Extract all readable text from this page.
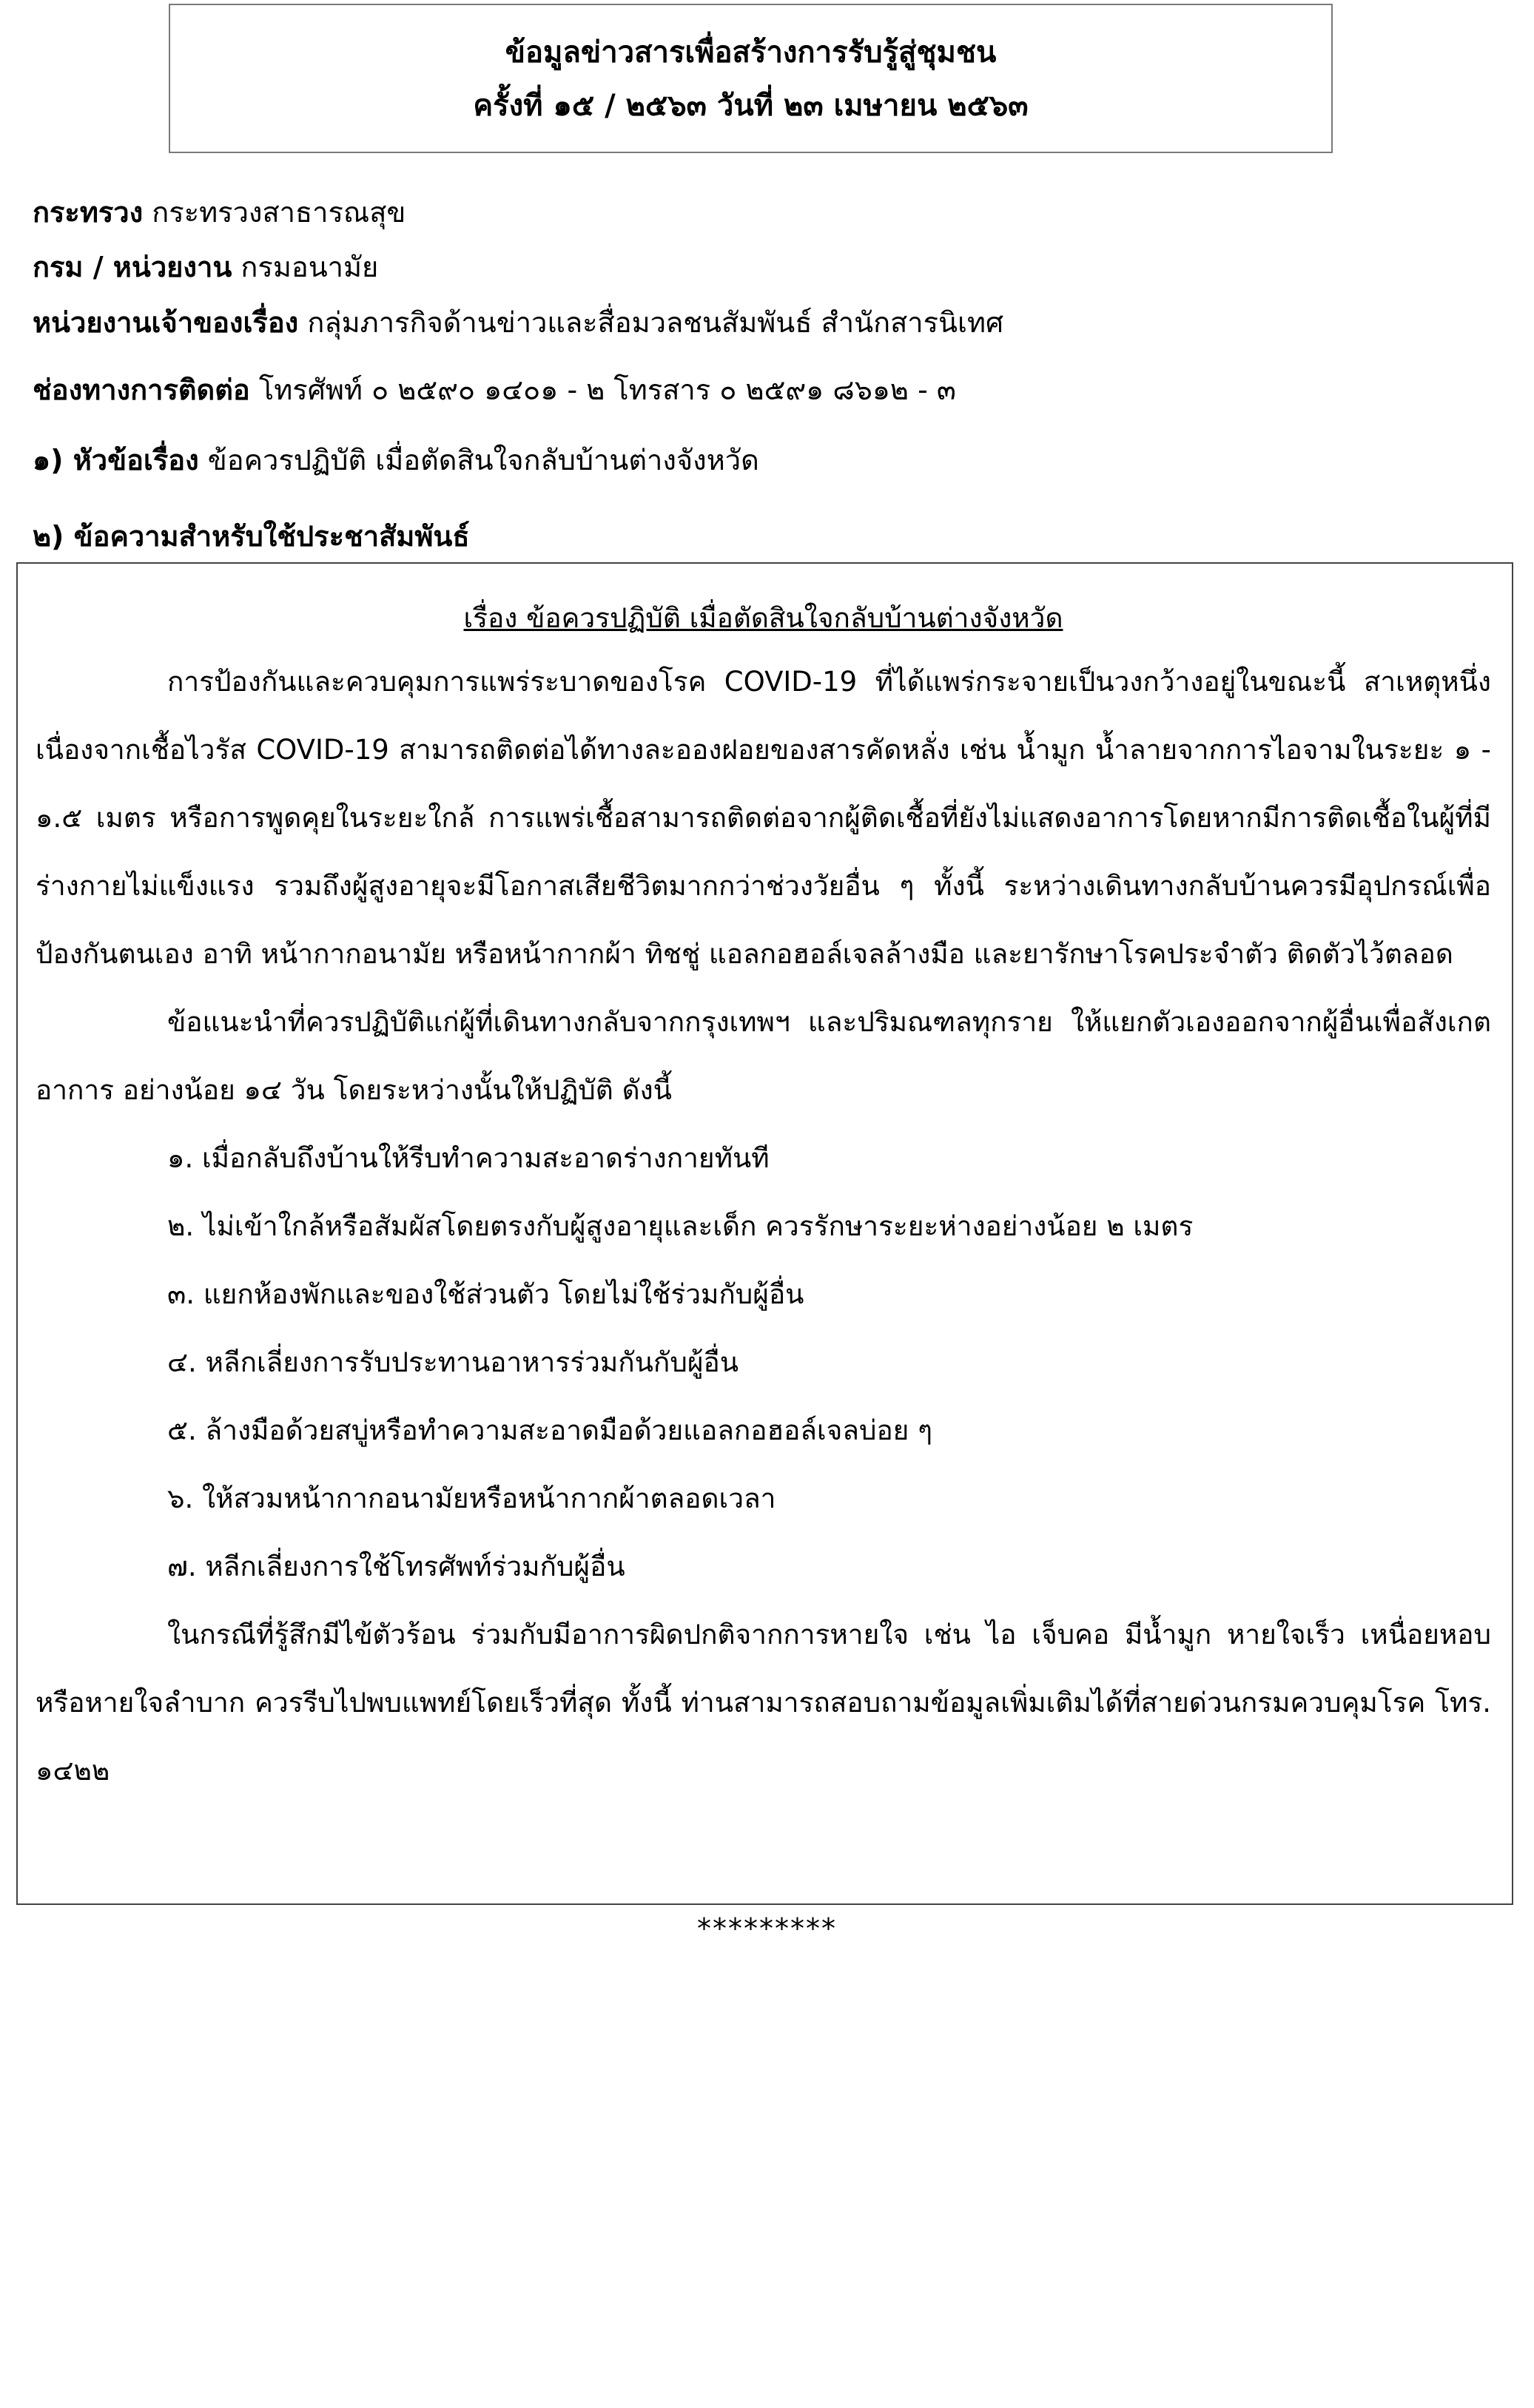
ข้อมูลข่าวสารเพื่อสร้างการรับรู้สู่ชุมชน
ครั้งที่ ๑๕ / ๒๕๖๓ วันที่ ๒๓ เมษายน ๒๕๖๓
กระทรวง กระทรวงสาธารณสุข
กรม / หน่วยงาน กรมอนามัย
หน่วยงานเจ้าของเรื่อง กลุ่มภารกิจด้านข่าวและสื่อมวลชนสัมพันธ์ สำนักสารนิเทศ
ช่องทางการติดต่อ โทรศัพท์ ๐ ๒๕๙๐ ๑๔๐๑ - ๒ โทรสาร ๐ ๒๕๙๑ ๘๖๑๒ - ๓
๑) หัวข้อเรื่อง ข้อควรปฏิบัติ เมื่อตัดสินใจกลับบ้านต่างจังหวัด
๒) ข้อความสำหรับใช้ประชาสัมพันธ์
เรื่อง ข้อควรปฏิบัติ เมื่อตัดสินใจกลับบ้านต่างจังหวัด
การป้องกันและควบคุมการแพร่ระบาดของโรค COVID-19 ที่ได้แพร่กระจายเป็นวงกว้างอยู่ในขณะนี้ สาเหตุหนึ่งเนื่องจากเชื้อไวรัส COVID-19 สามารถติดต่อได้ทางละอองฝอยของสารคัดหลั่ง เช่น น้ำมูก น้ำลายจากการไอจามในระยะ ๑ - ๑.๕ เมตร หรือการพูดคุยในระยะใกล้ การแพร่เชื้อสามารถติดต่อจากผู้ติดเชื้อที่ยังไม่แสดงอาการโดยหากมีการติดเชื้อในผู้ที่มีร่างกายไม่แข็งแรง รวมถึงผู้สูงอายุจะมีโอกาสเสียชีวิตมากกว่าช่วงวัยอื่น ๆ ทั้งนี้ ระหว่างเดินทางกลับบ้านควรมีอุปกรณ์เพื่อป้องกันตนเอง อาทิ หน้ากากอนามัย หรือหน้ากากผ้า ทิชชู่ แอลกอฮอล์เจลล้างมือ และยารักษาโรคประจำตัว ติดตัวไว้ตลอด
ข้อแนะนำที่ควรปฏิบัติแก่ผู้ที่เดินทางกลับจากกรุงเทพฯ และปริมณฑลทุกราย ให้แยกตัวเองออกจากผู้อื่นเพื่อสังเกตอาการ อย่างน้อย ๑๔ วัน โดยระหว่างนั้นให้ปฏิบัติ ดังนี้
๑. เมื่อกลับถึงบ้านให้รีบทำความสะอาดร่างกายทันที
๒. ไม่เข้าใกล้หรือสัมผัสโดยตรงกับผู้สูงอายุและเด็ก ควรรักษาระยะห่างอย่างน้อย ๒ เมตร
๓. แยกห้องพักและของใช้ส่วนตัว โดยไม่ใช้ร่วมกับผู้อื่น
๔. หลีกเลี่ยงการรับประทานอาหารร่วมกันกับผู้อื่น
๕. ล้างมือด้วยสบู่หรือทำความสะอาดมือด้วยแอลกอฮอล์เจลบ่อย ๆ
๖. ให้สวมหน้ากากอนามัยหรือหน้ากากผ้าตลอดเวลา
๗. หลีกเลี่ยงการใช้โทรศัพท์ร่วมกับผู้อื่น
ในกรณีที่รู้สึกมีไข้ตัวร้อน ร่วมกับมีอาการผิดปกติจากการหายใจ เช่น ไอ เจ็บคอ มีน้ำมูก หายใจเร็ว เหนื่อยหอบ หรือหายใจลำบาก ควรรีบไปพบแพทย์โดยเร็วที่สุด ทั้งนี้ ท่านสามารถสอบถามข้อมูลเพิ่มเติมได้ที่สายด่วนกรมควบคุมโรค โทร. ๑๔๒๒
*********
